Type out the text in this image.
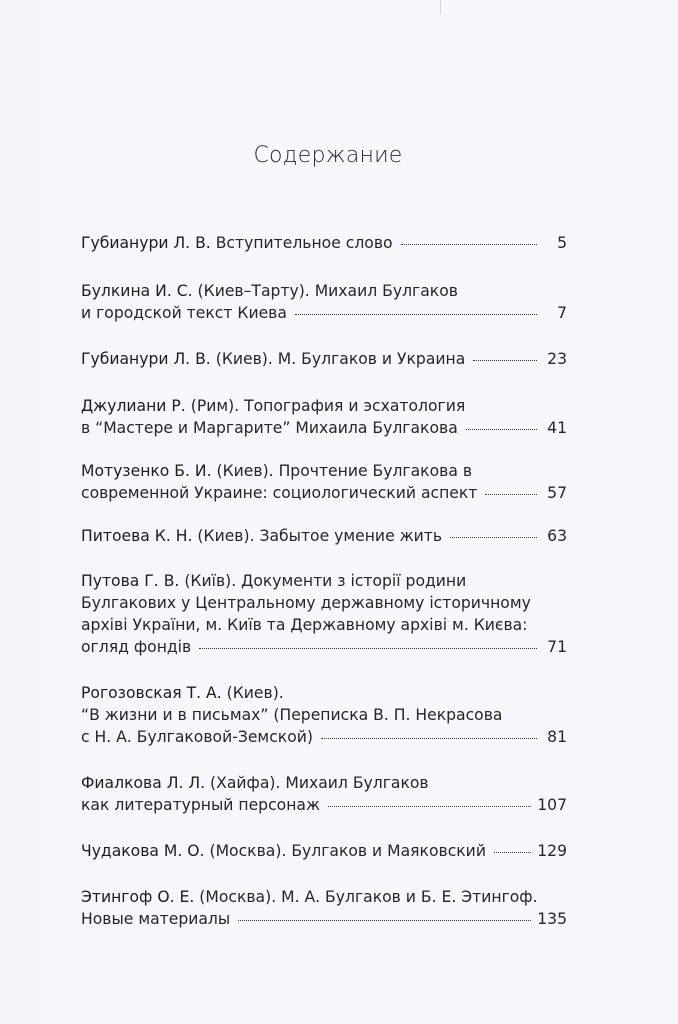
Содержание
Губианури Л. В. Вступительное слово	5
Булкина И. С. (Киев–Тарту). Михаил Булгаков
и городской текст Киева	7
Губианури Л. В. (Киев). М. Булгаков и Украина	23
Джулиани Р. (Рим). Топография и эсхатология
в “Мастере и Маргарите” Михаила Булгакова	41
Мотузенко Б. И. (Киев). Прочтение Булгакова в
современной Украине: социологический аспект	57
Питоева К. Н. (Киев). Забытое умение жить	63
Путова Г. В. (Київ). Документи з історії родини
Булгакових у Центральному державному історичному
архіві України, м. Київ та Державному архіві м. Києва:
огляд фондів	71
Рогозовская Т. А. (Киев).
“В жизни и в письмах” (Переписка В. П. Некрасова
с Н. А. Булгаковой-Земской)	81
Фиалкова Л. Л. (Хайфа). Михаил Булгаков
как литературный персонаж	107
Чудакова М. О. (Москва). Булгаков и Маяковский	129
Этингоф О. Е. (Москва). М. А. Булгаков и Б. Е. Этингоф.
Новые материалы	135
